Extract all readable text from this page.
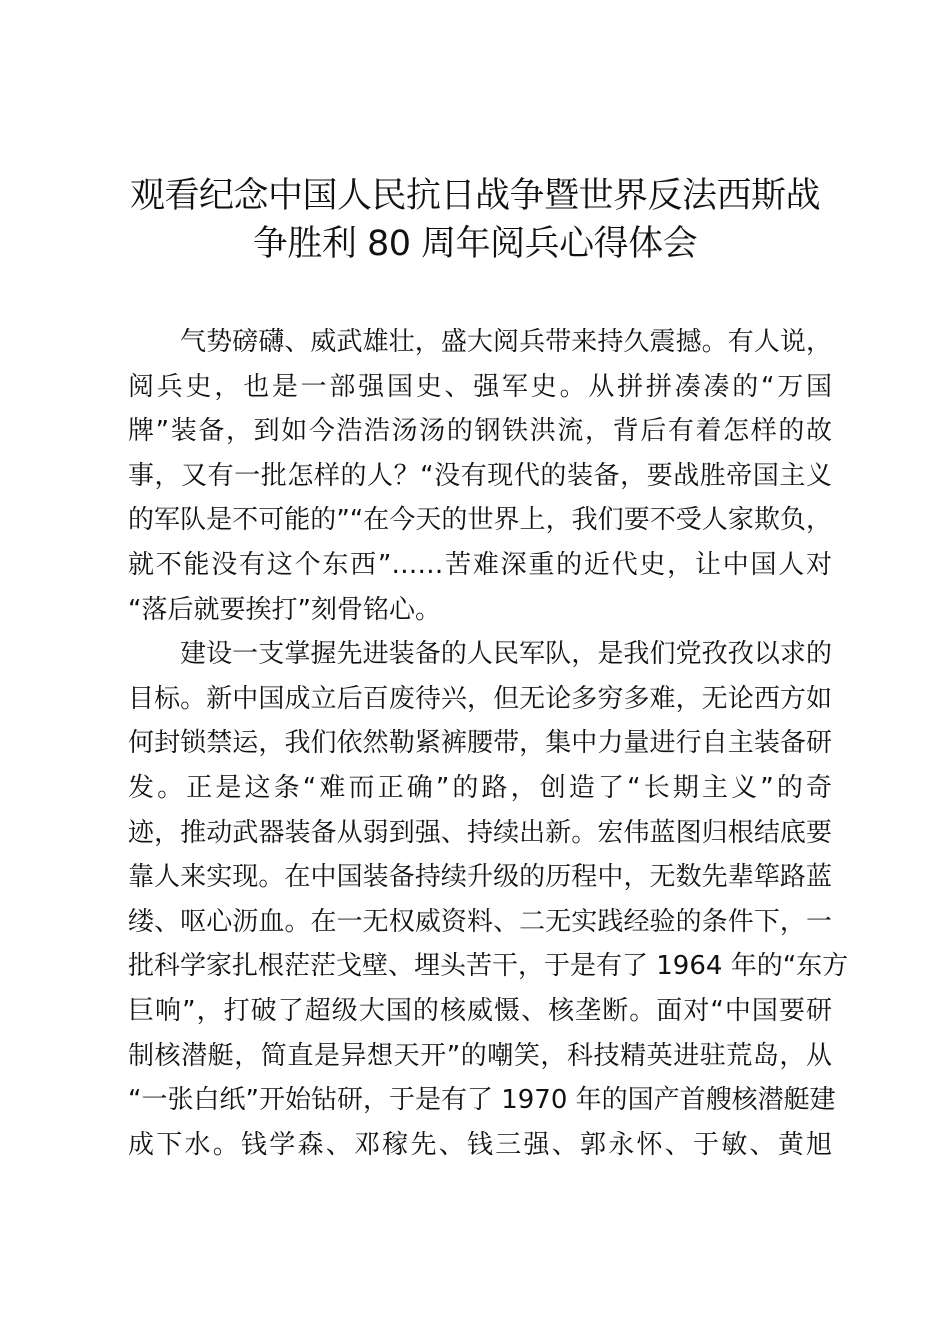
观看纪念中国人民抗日战争暨世界反法西斯战
争胜利 80 周年阅兵心得体会
气势磅礴、威武雄壮，盛大阅兵带来持久震撼。有人说，
阅兵史，也是一部强国史、强军史。从拼拼凑凑的“万国
牌”装备，到如今浩浩汤汤的钢铁洪流，背后有着怎样的故
事，又有一批怎样的人？“没有现代的装备，要战胜帝国主义
的军队是不可能的”“在今天的世界上，我们要不受人家欺负，
就不能没有这个东西”……苦难深重的近代史，让中国人对
“落后就要挨打”刻骨铭心。
建设一支掌握先进装备的人民军队，是我们党孜孜以求的
目标。新中国成立后百废待兴，但无论多穷多难，无论西方如
何封锁禁运，我们依然勒紧裤腰带，集中力量进行自主装备研
发。正是这条“难而正确”的路，创造了“长期主义”的奇
迹，推动武器装备从弱到强、持续出新。宏伟蓝图归根结底要
靠人来实现。在中国装备持续升级的历程中，无数先辈筚路蓝
缕、呕心沥血。在一无权威资料、二无实践经验的条件下，一
批科学家扎根茫茫戈壁、埋头苦干，于是有了 1964 年的“东方
巨响”，打破了超级大国的核威慑、核垄断。面对“中国要研
制核潜艇，简直是异想天开”的嘲笑，科技精英进驻荒岛，从
“一张白纸”开始钻研，于是有了 1970 年的国产首艘核潜艇建
成下水。钱学森、邓稼先、钱三强、郭永怀、于敏、黄旭
